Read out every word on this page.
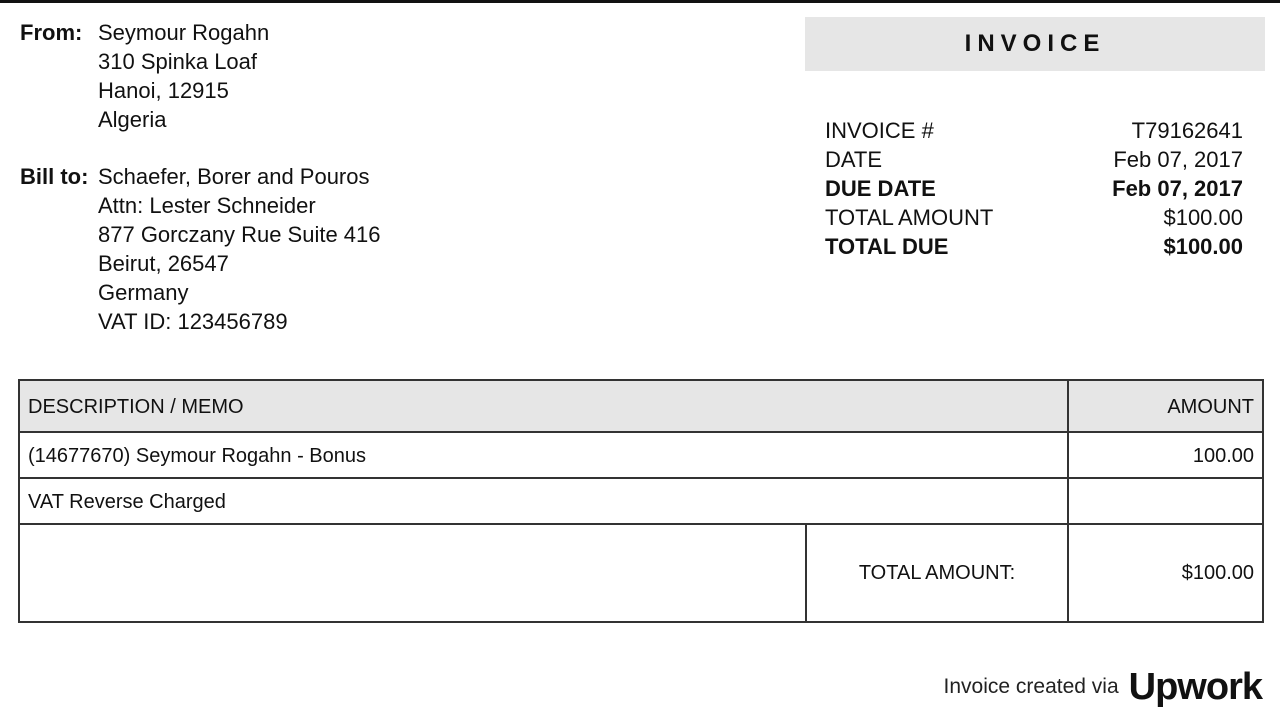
From: Seymour Rogahn
310 Spinka Loaf
Hanoi, 12915
Algeria
Bill to: Schaefer, Borer and Pouros
Attn: Lester Schneider
877 Gorczany Rue Suite 416
Beirut, 26547
Germany
VAT ID: 123456789
INVOICE
INVOICE #	T79162641
DATE	Feb 07, 2017
DUE DATE	Feb 07, 2017
TOTAL AMOUNT	$100.00
TOTAL DUE	$100.00
DESCRIPTION / MEMO	AMOUNT
(14677670) Seymour Rogahn - Bonus	100.00
VAT Reverse Charged
TOTAL AMOUNT:	$100.00
Invoice created via Upwork
